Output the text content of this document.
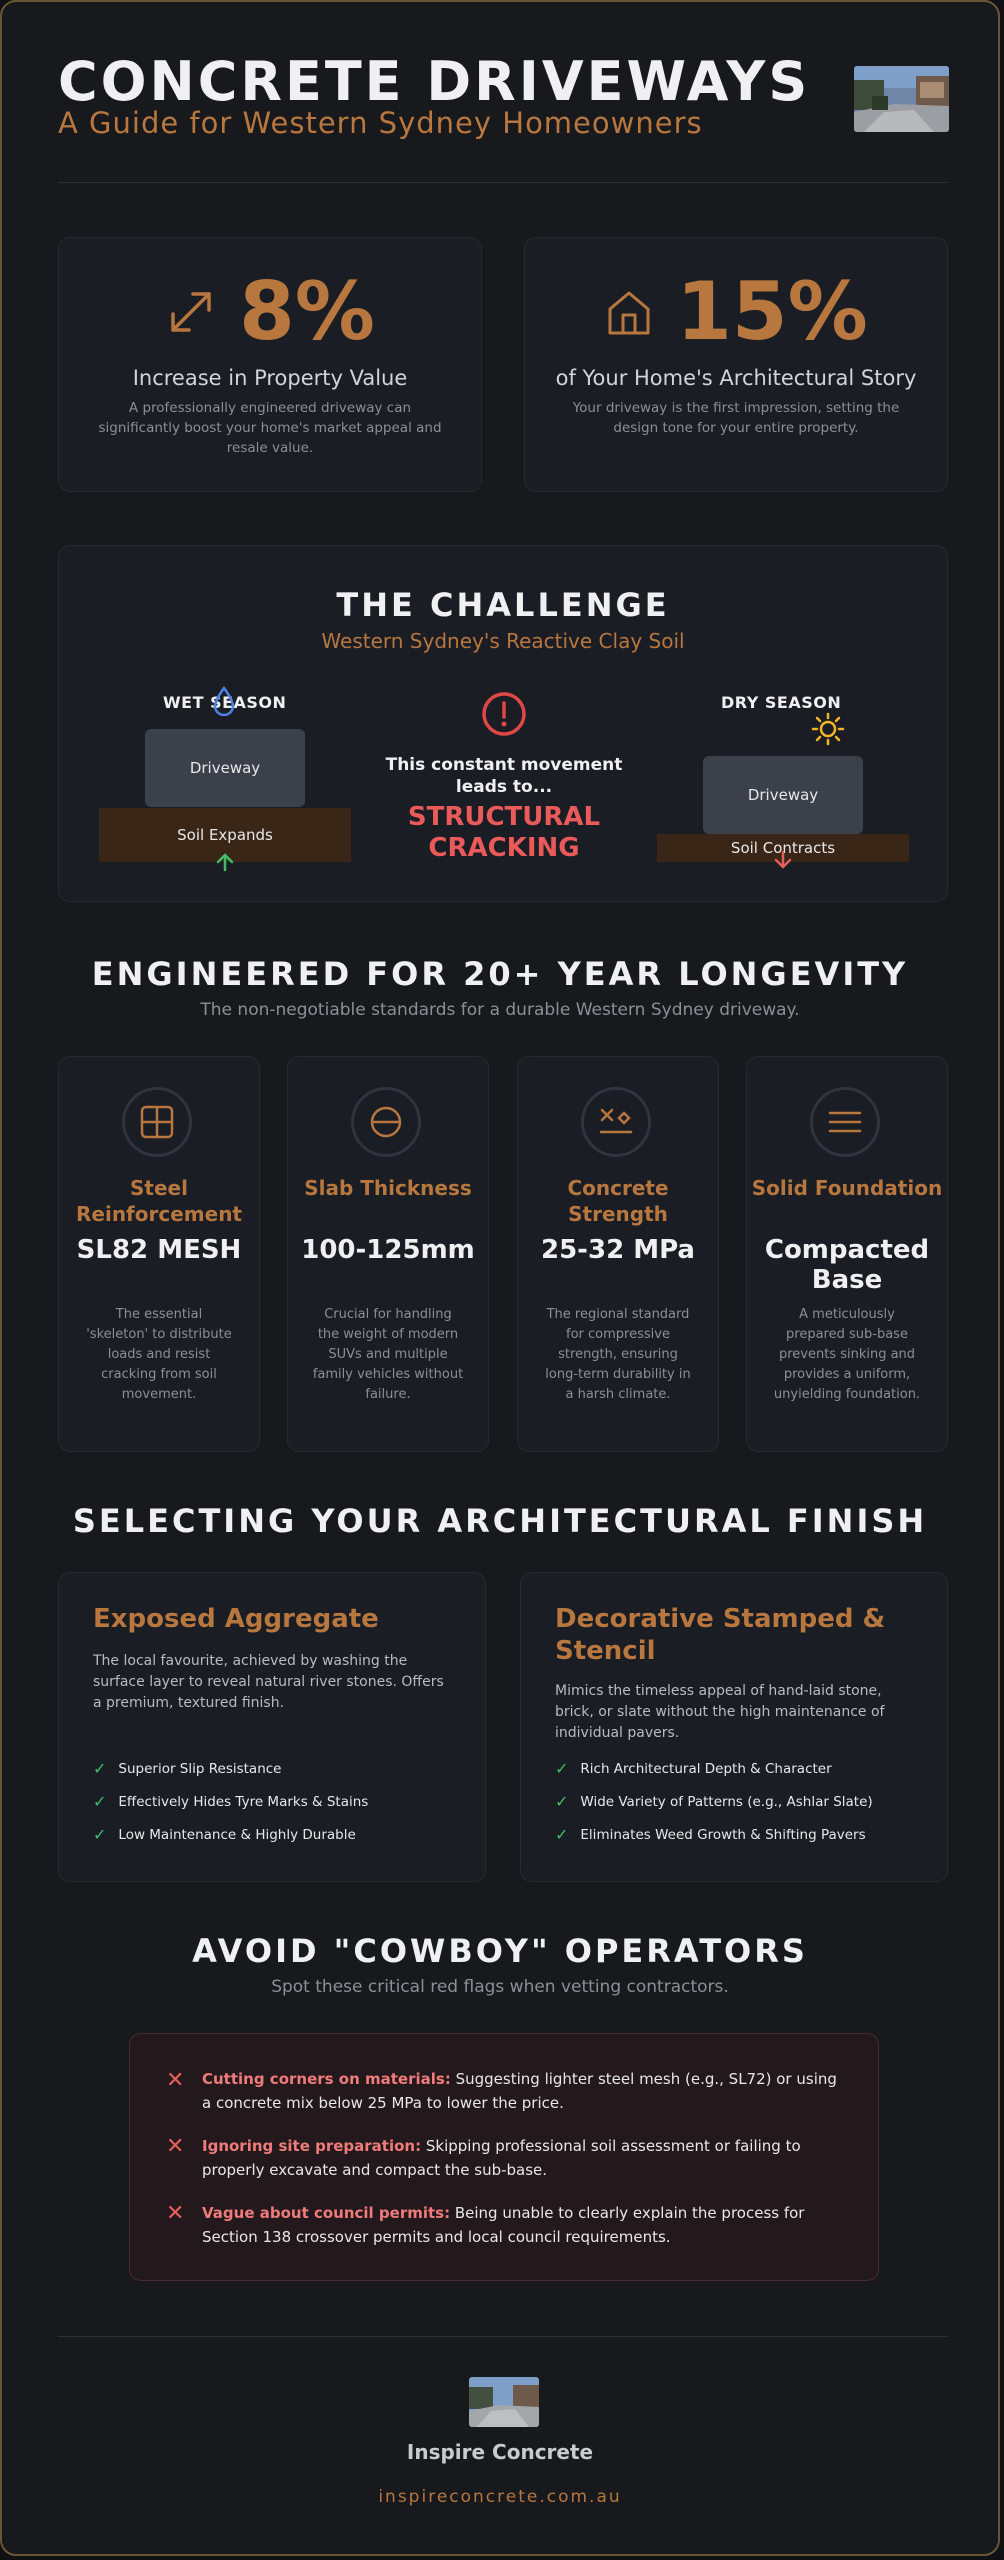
CONCRETE DRIVEWAYS
A Guide for Western Sydney Homeowners
8%
Increase in Property Value
A professionally engineered driveway can significantly boost your home's market appeal and resale value.
15%
of Your Home's Architectural Story
Your driveway is the first impression, setting the design tone for your entire property.
THE CHALLENGE
Western Sydney's Reactive Clay Soil
WET SEASON
Driveway
Soil Expands
This constant movement leads to...
STRUCTURAL CRACKING
DRY SEASON
Driveway
Soil Contracts
ENGINEERED FOR 20+ YEAR LONGEVITY
The non-negotiable standards for a durable Western Sydney driveway.
Steel Reinforcement
SL82 MESH
The essential 'skeleton' to distribute loads and resist cracking from soil movement.
Slab Thickness
100-125mm
Crucial for handling the weight of modern SUVs and multiple family vehicles without failure.
Concrete Strength
25-32 MPa
The regional standard for compressive strength, ensuring long-term durability in a harsh climate.
Solid Foundation
Compacted Base
A meticulously prepared sub-base prevents sinking and provides a uniform, unyielding foundation.
SELECTING YOUR ARCHITECTURAL FINISH
Exposed Aggregate
The local favourite, achieved by washing the surface layer to reveal natural river stones. Offers a premium, textured finish.
✓ Superior Slip Resistance
✓ Effectively Hides Tyre Marks & Stains
✓ Low Maintenance & Highly Durable
Decorative Stamped & Stencil
Mimics the timeless appeal of hand-laid stone, brick, or slate without the high maintenance of individual pavers.
✓ Rich Architectural Depth & Character
✓ Wide Variety of Patterns (e.g., Ashlar Slate)
✓ Eliminates Weed Growth & Shifting Pavers
AVOID "COWBOY" OPERATORS
Spot these critical red flags when vetting contractors.
✕ Cutting corners on materials: Suggesting lighter steel mesh (e.g., SL72) or using a concrete mix below 25 MPa to lower the price.
✕ Ignoring site preparation: Skipping professional soil assessment or failing to properly excavate and compact the sub-base.
✕ Vague about council permits: Being unable to clearly explain the process for Section 138 crossover permits and local council requirements.
Inspire Concrete
inspireconcrete.com.au
